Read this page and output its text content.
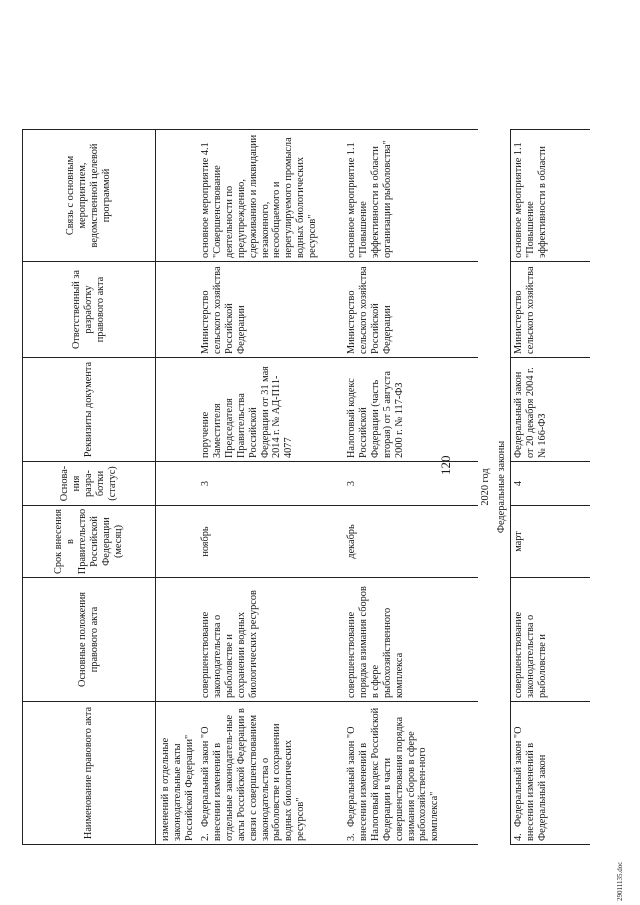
120
29011135.doc
Наименование правового акта	Основные положения правового акта	Срок внесения в Правительство Российской Федерации (месяц)	Основа-ния разра-ботки (статус)	Реквизиты документа	Ответственный за разработку правового акта	Связь с основным мероприятием, ведомственной целевой программой
изменений в отдельные законодательные акты Российской Федерации"						
2.Федеральный закон "О внесении изменений в отдельные законодатель-ные акты Российской Федерации в связи с совершенствованием законодательства о рыболовстве и сохранении водных биологических ресурсов"	совершенствование законодательства о рыболовстве и сохранении водных биологических ресурсов	ноябрь	3	поручение Заместителя Председателя Правительства Российской Федерации от 31 мая 2014 г. № АД-П11-4077	Министерство сельского хозяйства Российской Федерации	основное мероприятие 4.1 "Совершенствование деятельности по предупреждению, сдерживанию и ликвидации незаконного, несообщаемого и нерегулируемого промысла водных биологических ресурсов"
3.Федеральный закон "О внесении изменений в Налоговый кодекс Российской Федерации в части совершенствования порядка взимания сборов в сфере рыбохозяйствен-ного комплекса"	совершенствование порядка взимания сборов в сфере рыбохозяйственного комплекса	декабрь	3	Налоговый кодекс Российской Федерации (часть вторая) от 5 августа 2000 г. № 117-ФЗ	Министерство сельского хозяйства Российской Федерации	основное мероприятие 1.1 "Повышение эффективности в области организации рыболовства"
2020 год						
Федеральные законы						
4.Федеральный закон "О внесении изменений в Федеральный закон	совершенствование законодательства о рыболовстве и	март	4	Федеральный закон от 20 декабря 2004 г. № 166-ФЗ	Министерство сельского хозяйства	основное мероприятие 1.1 "Повышение эффективности в области
